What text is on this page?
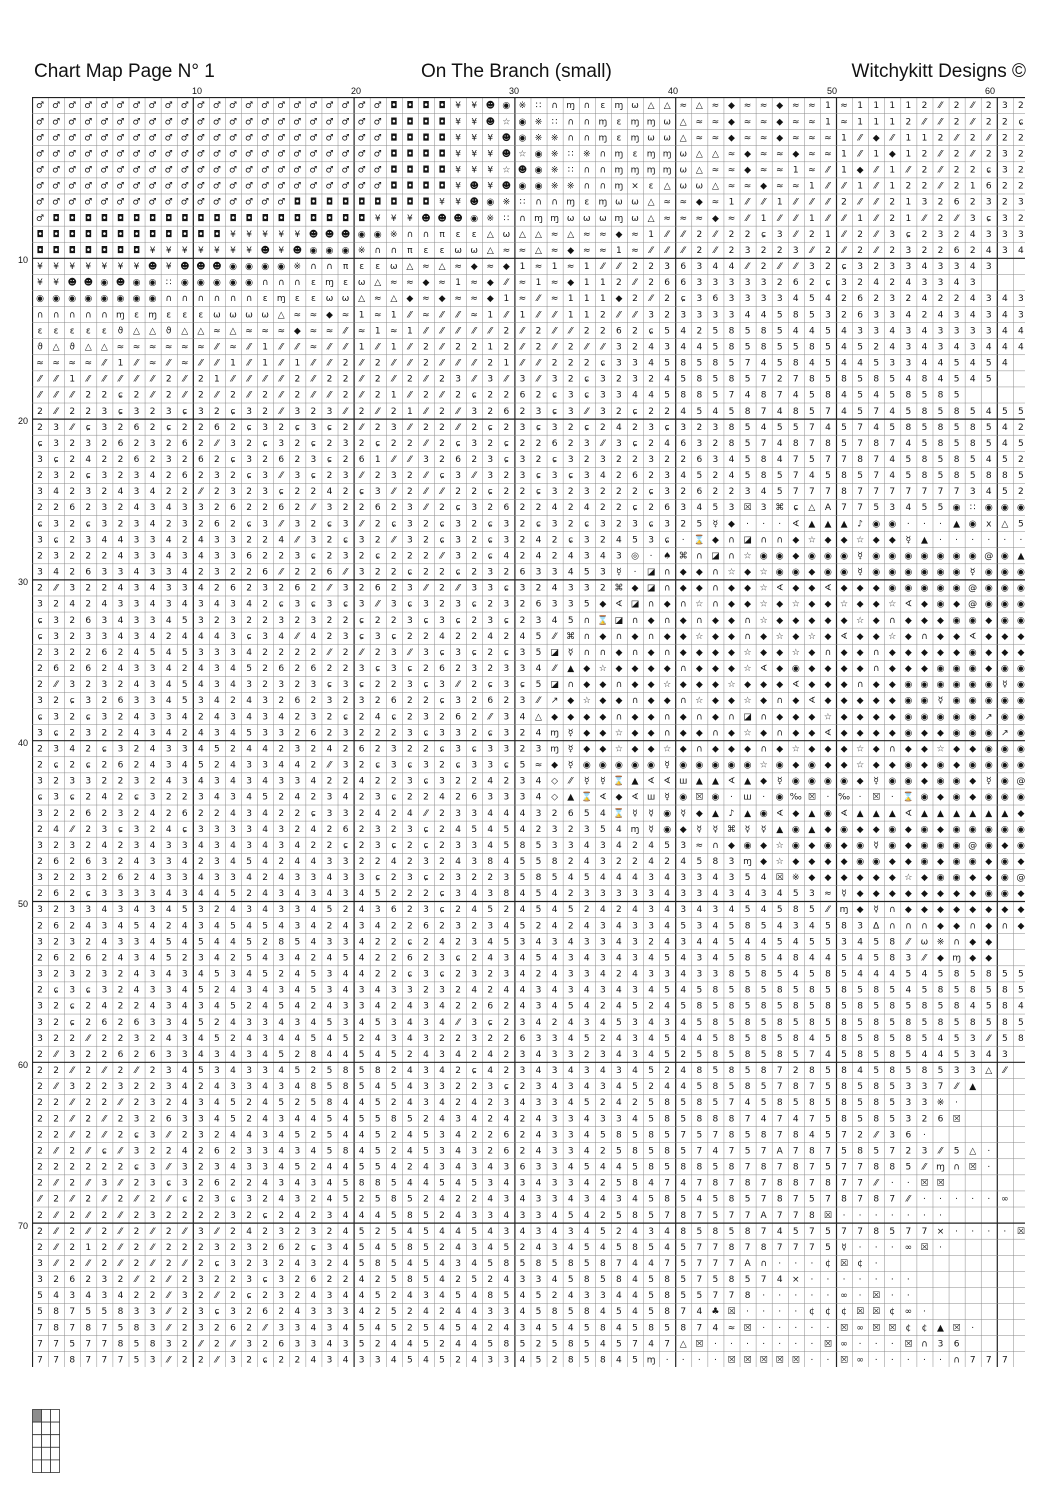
Chart Map Page N° 1	On The Branch (small)	Witchykitt Designs ©
10	20	30	40	50	60
10
20
30
40
50
60
70
♂ ♂ ♂ ♂ ♂ ♂ ♂ ♂ ♂ ♂ ♂ ♂ ♂ ♂ ♂ ♂ ♂ ♂ ♂ ♂ ♂ ♂ ◘ ◘ ◘ ◘ ¥ ¥ ☻ ◉ ※ ∷ ∩ ɱ ∩ ε ɱ ω △ △ ≈ △ ≈ ◆ ≈ ≈ ◆ ≈ ≈ 1 ≈ 1 1 1 1 2 ⁄⁄ 2 ⁄⁄ 2 3 2
♂ ♂ ♂ ♂ ♂ ♂ ♂ ♂ ♂ ♂ ♂ ♂ ♂ ♂ ♂ ♂ ♂ ♂ ♂ ♂ ♂ ♂ ◘ ◘ ◘ ◘ ¥ ¥ ☻ ☆ ◉ ※ ∷ ∩ ∩ ɱ ε ɱ ɱ ω △ ≈ ≈ ◆ ≈ ≈ ◆ ≈ ≈ 1 ≈ 1 1 1 2 ⁄⁄ ⁄⁄ 2 ⁄⁄ 2 2 ɕ
♂ ♂ ♂ ♂ ♂ ♂ ♂ ♂ ♂ ♂ ♂ ♂ ♂ ♂ ♂ ♂ ♂ ♂ ♂ ♂ ♂ ♂ ◘ ◘ ◘ ◘ ¥ ¥ ¥ ☻ ◉ ※ ※ ∩ ∩ ɱ ε ɱ ω ω △ ≈ ≈ ◆ ≈ ≈ ◆ ≈ ≈ ≈ 1 ⁄⁄ ◆ ⁄⁄ 1 1 2 ⁄⁄ 2 ⁄⁄ 2 2
♂ ♂ ♂ ♂ ♂ ♂ ♂ ♂ ♂ ♂ ♂ ♂ ♂ ♂ ♂ ♂ ♂ ♂ ♂ ♂ ♂ ♂ ◘ ◘ ◘ ◘ ¥ ¥ ¥ ☻ ☆ ◉ ※ ∷ ※ ∩ ɱ ε ɱ ɱ ω △ △ ≈ ◆ ≈ ≈ ◆ ≈ ≈ 1 ⁄⁄ 1 ◆ 1 2 ⁄⁄ 2 ⁄⁄ 2 3 2
♂ ♂ ♂ ♂ ♂ ♂ ♂ ♂ ♂ ♂ ♂ ♂ ♂ ♂ ♂ ♂ ♂ ♂ ♂ ♂ ♂ ♂ ◘ ◘ ◘ ◘ ¥ ¥ ¥ ☆ ☻ ◉ ※ ∷ ∩ ∩ ɱ ɱ ɱ ɱ ω △ ≈ ≈ ◆ ≈ ≈ 1 ≈ ⁄⁄ 1 ◆ ⁄⁄ 1 ⁄⁄ 2 ⁄⁄ 2 2 ɕ 3 2
♂ ♂ ♂ ♂ ♂ ♂ ♂ ♂ ♂ ♂ ♂ ♂ ♂ ♂ ♂ ♂ ♂ ♂ ♂ ♂ ♂ ♂ ◘ ◘ ◘ ◘ ¥ ☻ ¥ ☻ ◉ ◉ ※ ※ ∩ ∩ ɱ × ε △ ω ω △ ≈ ≈ ◆ ≈ ≈ 1 ⁄⁄ ⁄⁄ 1 ⁄⁄ 1 2 2 ⁄⁄ 2 1 6 2 2
♂ ♂ ♂ ♂ ♂ ♂ ♂ ♂ ♂ ♂ ♂ ♂ ♂ ♂ ♂ ♂ ◘ ◘ ◘ ◘ ◘ ◘ ◘ ◘ ◘ ¥ ¥ ☻ ◉ ※ ∷ ∩ ∩ ɱ ε ɱ ω ω △ ≈ ≈ ◆ ≈ 1 ⁄⁄ ⁄⁄ 1 ⁄⁄ ⁄⁄ ⁄⁄ 2 ⁄⁄ ⁄⁄ 2 1 3 2 6 2 3 2 3
♂ ◘ ◘ ◘ ◘ ◘ ◘ ◘ ◘ ◘ ◘ ◘ ◘ ◘ ◘ ◘ ◘ ◘ ◘ ◘ ◘ ¥ ¥ ¥ ☻ ☻ ☻ ◉ ※ ∷ ∩ ɱ ɱ ω ω ω ɱ ω △ ≈ ≈ ≈ ◆ ≈ ⁄⁄ 1 ⁄⁄ ⁄⁄ 1 ⁄⁄ ⁄⁄ 1 ⁄⁄ 2 1 ⁄⁄ 2 ⁄⁄ 3 ɕ 3 2
◘ ◘ ◘ ◘ ◘ ◘ ◘ ◘ ◘ ◘ ◘ ◘ ¥ ¥ ¥ ¥ ¥ ☻ ☻ ☻ ◉ ◉ ※ ∩ ∩ π ε ε △ ω △ △ ≈ △ ≈ ≈ ◆ ≈ 1 ⁄⁄ ⁄⁄ 2 ⁄⁄ 2 2 ɕ 3 ⁄⁄ 2 1 ⁄⁄ 2 ⁄⁄ 3 ɕ 2 3 2 4 3 3 3
◘ ◘ ◘ ◘ ◘ ◘ ◘ ¥ ¥ ¥ ¥ ¥ ¥ ¥ ☻ ¥ ☻ ◉ ◉ ◉ ※ ∩ ∩ π ε ε ω ω △ ≈ ≈ △ ≈ ◆ ≈ ≈ 1 ≈ ⁄⁄ ⁄⁄ ⁄⁄ 2 ⁄⁄ 2 3 2 2 3 ⁄⁄ 2 ⁄⁄ 2 ⁄⁄ 2 3 2 2 6 2 4 3 4
¥ ¥ ¥ ¥ ¥ ¥ ¥ ☻ ¥ ☻ ☻ ☻ ◉ ◉ ◉ ◉ ※ ∩ ∩ π ε ε ω △ ≈ △ ≈ ◆ ≈ ◆ 1 ≈ 1 ≈ 1 ⁄⁄ ⁄⁄ 2 2 3 6 3 4 4 ⁄⁄ 2 ⁄⁄ ⁄⁄ 3 2 ɕ 3 2 3 3 4 3 3 4 3
¥ ¥ ☻ ☻ ◉ ☻ ◉ ◉ ∷ ◉ ◉ ◉ ◉ ◉ ∩ ∩ ∩ ε ɱ ε ω △ ≈ ≈ ◆ ≈ 1 ≈ ◆ ⁄⁄ ≈ 1 ≈ ◆ 1 1 2 ⁄⁄ 2 6 6 3 3 3 3 3 2 6 2 ɕ 3 2 4 2 4 3 3 4 3
◉ ◉ ◉ ◉ ◉ ◉ ◉ ◉ ∩ ∩ ∩ ∩ ∩ ∩ ε ɱ ε ε ω ω △ ≈ △ ◆ ≈ ◆ ≈ ≈ ◆ 1 ≈ ⁄⁄ ≈ 1 1 1 ◆ 2 ⁄⁄ 2 ɕ 3 6 3 3 3 3 4 5 4 2 6 2 3 2 4 2 2 4 3 4 3
∩ ∩ ∩ ∩ ∩ ɱ ε ɱ ε ε ε ω ω ω ω △ ≈ ≈ ◆ ≈ 1 ≈ 1 ⁄⁄ ≈ ⁄⁄ ⁄⁄ ≈ 1 ⁄⁄ 1 ⁄⁄ ⁄⁄ 1 1 2 ⁄⁄ ⁄⁄ 3 2 3 3 3 3 4 4 5 8 5 3 2 6 3 3 4 2 4 3 4 3 4 3
ε ε ε ε ε ϑ △ △ ϑ △ △ ≈ △ ≈ ≈ ≈ ◆ ≈ ≈ ⁄⁄ ≈ 1 ≈ 1 ⁄⁄ ⁄⁄ ⁄⁄ ⁄⁄ ⁄⁄ 2 ⁄⁄ 2 ⁄⁄ ⁄⁄ 2 2 6 2 ɕ 5 4 2 5 8 5 8 5 4 4 5 4 3 3 4 3 4 3 3 3 3 4 4
ϑ △ ϑ △ △ ≈ ≈ ≈ ≈ ≈ ≈ ⁄⁄ ≈ ⁄⁄ 1 ⁄⁄ ⁄⁄ ≈ ⁄⁄ ⁄⁄ 1 ⁄⁄ 1 ⁄⁄ 2 ⁄⁄ 2 2 1 2 ⁄⁄ 2 ⁄⁄ 2 ⁄⁄ ⁄⁄ 3 2 4 3 4 4 5 8 5 8 5 5 8 5 4 5 2 4 3 4 3 4 3 4 4 4
≈ ≈ ≈ ≈ ⁄⁄ 1 ⁄⁄ ≈ ⁄⁄ ≈ ⁄⁄ ⁄⁄ 1 ⁄⁄ 1 ⁄⁄ 1 ⁄⁄ ⁄⁄ 2 ⁄⁄ 2 ⁄⁄ ⁄⁄ 2 ⁄⁄ ⁄⁄ ⁄⁄ 2 1 ⁄⁄ ⁄⁄ 2 2 2 ɕ 3 3 4 5 8 5 8 5 7 4 5 8 4 5 4 4 5 3 3 4 4 5 4 5 4
⁄⁄ ⁄⁄ 1 ⁄⁄ ⁄⁄ ⁄⁄ ⁄⁄ ⁄⁄ 2 ⁄⁄ 2 1 ⁄⁄ ⁄⁄ ⁄⁄ ⁄⁄ 2 ⁄⁄ 2 2 ⁄⁄ 2 ⁄⁄ 2 ⁄⁄ 2 3 ⁄⁄ 3 ⁄⁄ 3 ⁄⁄ 3 2 ɕ 3 2 3 2 4 5 8 5 8 5 7 2 7 8 5 8 5 8 5 4 8 4 5 4 5
⁄⁄ ⁄⁄ ⁄⁄ 2 2 ɕ 2 ⁄⁄ 2 ⁄⁄ 2 ⁄⁄ 2 ⁄⁄ 2 ⁄⁄ 2 ⁄⁄ ⁄⁄ 2 ⁄⁄ 2 1 ⁄⁄ 2 ⁄⁄ 2 ɕ 2 2 6 2 ɕ 3 ɕ 3 3 4 4 5 8 8 5 7 4 8 7 4 5 8 4 5 4 5 8 5 8 5
2 ⁄⁄ 2 2 3 ɕ 3 2 3 ɕ 3 2 ɕ 3 2 ⁄⁄ 3 2 3 ⁄⁄ 2 ⁄⁄ 2 1 ⁄⁄ 2 ⁄⁄ 3 2 6 2 3 ɕ 3 ⁄⁄ 3 2 ɕ 2 2 4 5 4 5 8 7 4 8 5 7 4 5 7 4 5 8 5 8 5 4 5 5
2 3 ⁄⁄ ɕ 3 2 6 2 ɕ 2 2 6 2 ɕ 3 2 ɕ 3 ɕ 2 ⁄⁄ 2 3 ⁄⁄ 2 2 ⁄⁄ 2 ɕ 2 3 ɕ 3 2 ɕ 2 4 2 3 ɕ 3 2 3 8 5 4 5 5 7 4 5 7 4 5 8 5 8 5 8 5 4 2
ɕ 3 2 3 2 6 2 3 2 6 2 ⁄⁄ 3 2 ɕ 3 2 ɕ 2 3 2 ɕ 2 2 ⁄⁄ 2 ɕ 3 2 ɕ 2 2 6 2 3 ⁄⁄ 3 ɕ 2 4 6 3 2 8 5 7 4 8 7 8 5 7 8 7 4 5 8 5 8 5 4 5
3 ɕ 2 4 2 2 6 2 3 2 6 2 ɕ 3 2 6 2 3 ɕ 2 6 1 ⁄⁄ ⁄⁄ 3 2 6 2 3 ɕ 3 2 ɕ 3 2 3 2 2 3 2 2 6 3 4 5 8 4 7 5 7 7 8 7 4 5 8 5 8 5 4 5 2
2 3 2 ɕ 3 2 3 4 2 6 2 3 2 ɕ 3 ⁄⁄ 3 ɕ 2 3 ⁄⁄ 2 3 2 ⁄⁄ ɕ 3 ⁄⁄ 3 2 3 ɕ 3 ɕ 3 4 2 6 2 3 4 5 2 4 5 8 5 7 4 5 8 5 7 4 5 8 5 8 5 8 8 5
3 4 2 3 2 4 3 4 2 2 ⁄⁄ 2 3 2 3 ɕ 2 2 4 2 ɕ 3 ⁄⁄ 2 ⁄⁄ ⁄⁄ 2 2 ɕ 2 2 ɕ 3 2 3 2 2 2 ɕ 3 2 6 2 2 3 4 5 7 7 7 8 7 7 7 7 7 7 7 3 4 5 2
2 2 6 2 3 2 4 3 4 3 3 2 6 2 2 6 2 ⁄⁄ 3 2 2 6 2 3 ⁄⁄ 2 ɕ 3 2 6 2 2 4 2 4 2 2 ɕ 2 6 3 4 5 3 ☒ 3 ⌘ ɕ △ A 7 7 5 3 4 5 5 ◉ ∷ ◉ ◉ ◉
ɕ 3 2 ɕ 3 2 3 4 2 3 2 6 2 ɕ 3 ⁄⁄ 3 2 ɕ 3 ⁄⁄ 2 ɕ 3 2 ɕ 3 2 ɕ 3 2 ɕ 3 2 ɕ 3 2 3 ɕ 3 2 5 ☿ ◆ · · · ∢ ▲ ▲ ▲ ♪ ◉ ◉ · · · ▲ ◉ x △ 5
3 ɕ 2 3 4 4 3 3 4 2 4 3 3 2 2 4 ⁄⁄ 3 2 ɕ 3 2 ⁄⁄ 3 2 ɕ 3 2 ɕ 3 2 4 2 ɕ 3 2 4 5 3 ɕ · ⌛ ◆ ∩ ◪ ∩ ∩ ◆ ☆ ◆ ◆ ☆ ◆ ◆ ☿ ▲ · · · · · ·
2 3 2 2 2 4 3 3 4 3 4 3 3 6 2 2 3 ɕ 2 3 2 ɕ 2 2 2 ⁄⁄ 3 2 ɕ 4 2 4 2 4 3 4 3 ◎ · ♠ ⌘ ∩ ◪ ∩ ☆ ◉ ◉ ◆ ◉ ◉ ◉ ☿ ◉ ◉ ◉ ◉ ◉ ◉ ◉ @ ◉ ▲
3 4 2 6 3 3 4 3 3 4 2 3 2 2 6 ⁄⁄ 2 2 6 ⁄⁄ 3 2 2 ɕ 2 2 ɕ 2 3 2 6 3 3 4 5 3 ☿ · ◪ ∩ ◆ ◆ ∩ ☆ ◆ ☆ ◉ ◉ ◆ ◉ ◉ ☿ ◉ ◉ ◉ ◉ ◉ ◉ ☿ ◉ ◉ ◉
2 ⁄⁄ 3 2 2 4 3 4 3 3 4 2 6 2 3 2 6 2 ⁄⁄ 3 2 6 2 3 ⁄⁄ 2 ⁄⁄ 3 3 ɕ 3 2 4 3 3 2 ⌘ ◆ ◪ ∩ ◆ ◆ ∩ ◆ ◆ ☆ ∢ ◆ ◆ ∢ ◆ ◆ ◆ ◉ ◉ ◉ ◉ ◉ @ ◉ ◉ ◉
3 2 4 2 4 3 3 4 3 4 3 4 3 4 2 ɕ 3 ɕ 3 ɕ 3 ⁄⁄ 3 ɕ 3 2 3 ɕ 2 3 2 6 3 3 5 ◆ ∢ ◪ ∩ ◆ ∩ ☆ ∩ ◆ ◆ ☆ ◆ ☆ ◆ ◆ ☆ ◆ ◆ ☆ ∢ ◆ ◉ ◆ @ ◉ ◉ ◉
ɕ 3 2 6 3 4 3 3 4 5 3 2 3 2 2 3 2 3 2 2 ɕ 2 2 3 ɕ 3 ɕ 2 3 ɕ 2 3 4 5 ∩ ⌛ ◪ ∩ ◆ ∩ ◆ ∩ ◆ ◆ ∩ ☆ ◆ ◆ ◆ ◆ ◆ ☆ ◆ ∩ ◆ ◆ ◆ ◉ ◉ ◆ ◉ ◉
ɕ 3 2 3 3 4 3 4 2 4 4 4 3 ɕ 3 4 ⁄⁄ 4 2 3 ɕ 3 ɕ 2 2 4 2 2 4 2 4 5 ⁄⁄ ⌘ ∩ ◆ ∩ ◆ ∩ ◆ ◆ ☆ ◆ ◆ ∩ ◆ ☆ ◆ ☆ ◆ ∢ ◆ ◆ ☆ ◆ ∩ ◆ ◆ ∢ ◆ ◆ ◆
2 3 2 2 6 2 4 5 4 5 3 3 3 4 2 2 2 2 ⁄⁄ 2 ⁄⁄ 2 3 ⁄⁄ 3 ɕ 3 ɕ 2 ɕ 3 5 ◪ ☿ ∩ ∩ ◆ ∩ ◆ ∩ ◆ ◆ ◆ ◆ ☆ ◆ ◆ ☆ ◆ ∩ ◆ ◆ ∩ ◆ ◆ ◆ ◆ ◆ ◉ ◆ ◆ ◆
2 6 2 6 2 4 3 3 4 2 4 3 4 5 2 6 2 6 2 2 3 ɕ 3 ɕ 2 6 2 3 2 3 3 4 ⁄⁄ ▲ ◆ ☆ ◆ ◆ ◆ ◆ ∩ ◆ ◆ ◆ ☆ ∢ ◆ ◉ ◆ ◆ ◆ ◆ ∩ ◆ ◆ ◆ ◉ ◉ ◉ ◆ ◉ ◉
2 ⁄⁄ 3 2 3 2 4 3 4 5 4 3 4 3 2 3 2 3 ɕ 3 ɕ 2 2 3 ɕ 3 ⁄⁄ 2 ɕ 3 ɕ 5 ◪ ∩ ◆ ◆ ∩ ◆ ◆ ☆ ◆ ◆ ◆ ☆ ◆ ◆ ◆ ∢ ◆ ◆ ◆ ∩ ◆ ◆ ◉ ◉ ◉ ◉ ◉ ◉ ☿ ◉
3 2 ɕ 3 2 6 3 3 4 5 3 4 2 4 3 2 6 2 3 2 3 2 6 2 2 ɕ 3 2 6 2 3 ⁄⁄ ↗ ◆ ☆ ◆ ◆ ∩ ◆ ◆ ∩ ☆ ◆ ◆ ☆ ◆ ∩ ◆ ∢ ◆ ◆ ◆ ◆ ◆ ◉ ◉ ☿ ◉ ◉ ◉ ◉ ◉
ɕ 3 2 ɕ 3 2 4 3 3 4 2 4 3 4 3 4 2 3 2 ɕ 2 4 ɕ 2 3 2 6 2 ⁄⁄ 3 4 △ ◆ ◆ ◆ ◆ ∩ ◆ ◆ ∩ ◆ ∩ ◆ ∩ ◪ ∩ ◆ ◆ ◆ ☆ ◆ ◆ ◆ ◆ ◉ ◉ ◉ ◉ ◉ ↗ ◉ ◉
3 ɕ 2 3 2 2 4 3 4 2 4 3 4 5 3 3 2 6 2 3 2 2 2 3 ɕ 3 3 2 ɕ 3 2 4 ɱ ☿ ◆ ◆ ☆ ◆ ◆ ∩ ◆ ◆ ∩ ◆ ☆ ◆ ∩ ◆ ◆ ∢ ◆ ◆ ◆ ◆ ◉ ◆ ◆ ◉ ◉ ◉ ↗ ◉
2 3 4 2 ɕ 3 2 4 3 3 4 5 2 4 4 2 3 2 4 2 6 2 3 2 2 ɕ 3 ɕ 3 3 2 3 ɱ ☿ ◆ ◆ ☆ ◆ ◆ ☆ ◆ ∩ ◆ ◆ ◆ ∩ ◆ ☆ ◆ ◆ ◆ ☆ ◆ ∩ ◆ ◆ ☆ ◆ ◆ ◉ ◉ ◉
2 ɕ 2 ɕ 2 6 2 4 3 4 5 2 4 3 3 4 4 2 ⁄⁄ 3 2 ɕ 3 ɕ 3 2 ɕ 3 3 ɕ 5 ≈ ◆ ☿ ◉ ◉ ◉ ◉ ◉ ☿ ◉ ◉ ◉ ◉ ◉ ☆ ◉ ◆ ◉ ◆ ◆ ☆ ◆ ◆ ◉ ◆ ◉ ◆ ◉ ◉ ◉ ◉
3 2 3 3 2 2 3 2 4 3 4 3 4 3 4 3 3 4 2 2 4 2 2 3 ɕ 3 2 2 4 2 3 4 ◇ ⁄⁄ ☿ ☿ ⌛ ▲ ∢ ∢ ш ▲ ▲ ∢ ▲ ◆ ☿ ◉ ◉ ◉ ◉ ◆ ☿ ◉ ◉ ◆ ◉ ◉ ◆ ☿ ◉ @
ɕ 3 ɕ 2 4 2 ɕ 3 2 2 3 4 3 4 5 2 4 2 3 4 2 3 ɕ 2 2 4 2 6 3 3 3 4 ◇ ▲ ⌛ ∢ ◆ ∢ ш ☿ ◉ ☒ ◉ · ш · ◉ ‰ ☒ · ‰ · ☒ · ⌛ ◉ ◆ ◉ ◆ ◉ ◉ ◉
3 2 2 6 2 3 2 4 2 6 2 2 4 3 4 2 2 ɕ 3 3 2 4 2 4 ⁄⁄ 2 3 3 4 4 4 3 2 6 5 4 ⌛ ☿ ☿ ◉ ☿ ◆ ▲ ♪ ▲ ◉ ∢ ◆ ▲ ◉ ∢ ▲ ▲ ▲ ∢ ▲ ▲ ▲ ▲ ▲ ▲ ◆
2 4 ⁄⁄ 2 3 ɕ 3 2 4 ɕ 3 3 3 3 4 3 2 4 2 6 2 3 2 3 ɕ 2 4 5 4 5 4 2 3 2 3 5 4 ɱ ☿ ◉ ◆ ☿ ☿ ⌘ ☿ ☿ ▲ ◉ ▲ ◆ ◉ ◆ ◆ ◉ ◆ ◉ ◆ ◉ ◉ ◉ ◉ ◉
3 2 3 2 4 2 3 4 3 3 4 3 4 3 4 3 4 2 2 ɕ 2 3 ɕ 2 ɕ 2 3 3 4 5 8 5 3 3 4 3 4 2 4 5 3 ≈ ∩ ◆ ◉ ◆ ☆ ◉ ◆ ◉ ◆ ◉ ☿ ◉ ◆ ◉ ◉ ◉ @ ◉ ◆ ◉
2 6 2 6 3 2 4 3 3 4 2 3 4 5 4 2 4 4 3 3 2 2 4 2 3 2 4 3 8 4 5 5 8 2 4 3 2 2 4 2 4 5 8 3 ɱ ◆ ☆ ◆ ◆ ◆ ◆ ◉ ◉ ◆ ◆ ◉ ◆ ◉ ◉ ◆ ◉ ◆
3 2 2 3 2 6 2 4 3 3 4 3 3 4 2 4 3 3 4 3 3 ɕ 2 3 ɕ 2 3 2 2 3 5 8 5 4 5 4 4 4 3 4 3 3 4 3 5 4 ☒ ※ ◆ ◆ ◆ ◆ ◆ ◆ ☆ ◆ ◉ ◉ ◆ ◆ ◉ @
2 6 2 ɕ 3 3 3 3 4 3 4 4 5 2 4 3 4 3 4 3 4 5 2 2 2 ɕ 3 4 3 8 4 5 4 2 3 3 3 3 3 4 3 3 4 3 4 3 4 5 3 ≈ ☿ ◆ ◆ ◆ ◆ ◆ ◆ ◆ ◆ ◉ ◉ ◆
3 2 3 3 4 3 4 3 4 5 3 2 4 3 4 3 3 4 5 2 4 3 6 2 3 ɕ 2 4 5 2 4 5 4 5 2 4 2 4 3 4 3 4 3 4 5 4 5 8 5 ⁄⁄ ɱ ◆ ☿ ∩ ◆ ◆ ◆ ◆ ◆ ◆ ◆ ◆
2 6 2 4 3 4 5 4 2 4 3 4 5 4 5 4 3 4 2 4 3 4 2 2 6 2 3 2 3 4 5 2 4 2 4 3 4 3 3 4 5 3 4 5 8 5 4 3 4 5 8 3 ∆ ∩ ∩ ∩ ◆ ◆ ∩ ◆ ∩ ◆
3 2 3 2 4 3 3 4 5 4 5 4 4 5 2 8 5 4 3 3 4 2 2 ɕ 2 4 2 3 4 5 3 4 3 4 3 3 4 3 2 4 3 4 4 5 4 4 5 4 5 5 3 4 5 8 ⁄⁄ ω ※ ∩ ◆ ◆
2 6 2 6 2 4 3 4 5 2 3 4 2 5 4 3 4 2 4 5 4 2 2 6 2 3 ɕ 2 4 3 4 5 4 3 4 3 4 3 4 5 4 3 4 5 8 5 4 8 4 4 5 4 5 8 3 ⁄⁄ ◆ ɱ ◆ ◆
3 2 3 2 3 2 4 3 4 3 4 5 3 4 5 2 4 5 3 4 4 2 2 ɕ 3 ɕ 2 3 2 3 4 2 4 3 3 4 2 4 3 3 4 3 3 8 5 8 5 4 5 8 5 4 4 4 5 4 5 8 5 8 5 5
2 ɕ 3 ɕ 3 2 4 3 3 4 5 2 4 3 4 3 4 5 3 4 3 4 3 3 2 3 2 4 2 4 4 3 4 3 4 3 4 3 4 5 4 5 8 5 8 5 8 5 8 5 8 5 8 5 4 5 8 5 8 5 8 5
3 2 ɕ 2 4 2 2 4 3 4 3 4 5 2 4 5 4 2 4 3 3 4 2 4 3 4 2 2 6 2 4 3 4 5 4 2 4 5 2 4 5 8 5 8 5 8 5 8 5 8 5 8 5 8 5 8 5 8 4 5 8 4
3 2 ɕ 2 6 2 6 3 3 4 5 2 4 3 3 4 3 4 5 3 4 5 3 4 3 4 ⁄⁄ 3 ɕ 2 3 4 2 4 3 4 5 3 4 3 4 5 8 5 8 5 8 5 8 5 8 5 8 5 8 5 8 5 8 5 8 5
3 2 2 ⁄⁄ 2 2 3 2 4 3 4 5 2 4 3 4 4 5 4 5 2 4 3 4 3 2 2 3 2 2 6 3 3 4 5 2 4 3 4 5 4 4 5 8 5 8 5 8 4 5 8 5 8 5 8 5 4 5 3 ⁄⁄ 5 8
2 ⁄⁄ 3 2 2 6 2 6 3 3 4 3 4 3 4 5 2 8 4 4 5 4 5 2 4 3 4 2 4 2 3 4 3 3 2 3 4 3 4 5 2 5 8 5 8 5 8 5 7 4 5 8 5 8 5 4 4 5 3 4 3
2 2 ⁄⁄ 2 ⁄⁄ 2 ⁄⁄ 2 3 4 5 3 4 3 3 4 5 2 5 8 5 8 2 4 3 4 2 ɕ 4 2 3 4 3 4 3 4 3 4 5 2 4 8 5 8 5 8 7 2 8 5 8 4 5 8 5 8 5 3 3 △ ⁄⁄
2 ⁄⁄ 3 2 2 3 2 2 3 4 2 4 3 3 4 3 4 8 5 8 5 4 5 4 3 3 2 2 3 ɕ 2 3 4 3 4 3 4 5 2 4 4 5 8 5 8 5 7 8 7 5 8 5 8 5 3 3 7 ⁄⁄ ▲
2 2 ⁄⁄ 2 2 ⁄⁄ 2 3 2 4 3 4 5 2 4 5 2 5 8 4 4 5 2 4 3 4 2 4 2 3 4 3 3 4 5 2 4 2 5 8 5 8 5 7 4 5 8 5 8 5 8 5 8 5 3 3 ※ ·
2 2 ⁄⁄ 2 ⁄⁄ 2 3 2 6 3 3 4 5 2 4 3 4 4 5 4 5 5 8 5 2 4 3 4 2 4 2 4 3 3 4 3 3 4 5 8 5 8 8 8 7 4 7 4 7 5 8 5 8 5 3 2 6 ☒
2 2 ⁄⁄ 2 ⁄⁄ 2 ɕ 3 ⁄⁄ 2 3 2 4 4 3 4 5 2 5 4 4 5 2 4 5 3 4 2 2 6 2 4 3 3 4 5 8 5 8 5 7 5 7 8 5 8 7 8 4 5 7 2 ⁄⁄ 3 6 ·
2 ⁄⁄ 2 ⁄⁄ ɕ ⁄⁄ 3 2 2 4 2 6 2 3 3 4 3 4 5 8 4 5 2 4 5 3 4 3 2 6 2 4 3 3 4 2 5 8 5 8 5 7 4 7 5 7 A 7 8 7 5 8 5 7 2 3 ⁄⁄ 5 △ ·
2 2 2 2 2 2 ɕ 3 ⁄⁄ 3 2 3 4 3 3 4 5 2 4 4 5 5 4 2 4 3 4 3 4 3 6 3 3 4 5 4 4 5 8 5 8 8 5 8 7 8 7 8 7 5 7 7 8 8 5 ⁄⁄ ɱ ∩ ☒ ·
2 ⁄⁄ 2 ⁄⁄ 3 ⁄⁄ 2 3 ɕ 3 2 6 2 2 4 3 4 3 4 5 8 8 5 4 4 5 4 5 3 4 3 4 3 3 4 2 5 8 4 7 4 7 8 7 8 7 8 8 7 8 7 7 ⁄⁄ · · ☒ ☒
⁄⁄ 2 ⁄⁄ 2 ⁄⁄ 2 ⁄⁄ 2 ⁄⁄ ɕ 2 3 ɕ 3 2 4 3 2 4 5 2 5 8 5 2 4 2 2 4 3 4 3 3 4 3 4 3 4 5 8 5 4 5 8 5 7 8 7 5 7 8 7 8 7 ⁄⁄ · · · · · ∞
2 ⁄⁄ 2 ⁄⁄ 2 ⁄⁄ 2 3 2 2 2 2 3 2 ɕ 2 4 2 3 4 4 4 5 8 5 2 4 3 3 4 3 3 4 5 4 2 5 8 5 7 8 7 5 7 7 A 7 7 8 ☒ · · · · · · ·
2 ⁄⁄ 2 ⁄⁄ 2 ⁄⁄ 2 ⁄⁄ 2 ⁄⁄ 3 ⁄⁄ 2 4 2 3 2 3 2 4 5 2 5 4 5 4 4 5 4 3 4 3 4 3 4 5 2 4 3 4 8 5 8 5 8 7 4 5 7 5 7 7 8 5 7 7 × · · · · ☒
2 ⁄⁄ 2 1 2 ⁄⁄ 2 ⁄⁄ 2 2 2 3 2 3 2 6 2 ɕ 3 4 5 4 5 8 5 2 4 3 4 5 2 4 3 4 5 4 5 8 5 4 5 7 7 8 7 8 7 7 7 5 ☿ · · · ∞ ☒ ·
3 ⁄⁄ 2 ⁄⁄ 2 ⁄⁄ 2 ⁄⁄ 2 ⁄⁄ 2 ɕ 3 2 3 2 4 3 2 4 5 8 5 4 5 4 3 4 5 8 5 8 5 8 5 8 7 4 4 7 5 7 7 7 A ∩ · · · ¢ ☒ ¢ ·
3 2 6 2 3 2 ⁄⁄ 2 ⁄⁄ 2 3 2 2 3 ɕ 3 2 6 2 2 4 2 5 8 5 4 2 5 2 4 3 3 4 5 8 5 8 4 5 8 5 7 5 8 5 7 4 × · · · · · · ·
5 4 3 4 3 4 2 2 ⁄⁄ 3 2 ⁄⁄ 2 ɕ 2 3 2 4 3 4 4 5 2 4 3 4 5 4 8 5 4 5 2 4 3 3 4 4 5 8 5 5 7 7 8 · · · · · ∞ · ☒ · ·
5 8 7 5 5 8 3 3 ⁄⁄ 2 3 ɕ 3 2 6 2 4 3 3 3 4 2 5 2 4 2 4 4 3 3 4 5 8 5 8 4 5 4 5 8 7 4 ♣ ☒ · · · · ¢ ¢ ¢ ☒ ☒ ¢ ∞ ·
7 8 7 8 7 5 8 3 ⁄⁄ 2 3 2 6 2 ⁄⁄ 3 3 4 3 4 5 4 5 2 5 4 5 4 2 4 3 4 5 4 5 8 4 5 8 5 8 7 4 ≈ ☒ · · · · · ☒ ∞ ☒ ☒ ¢ ¢ ▲ ☒ ·
7 7 5 7 7 8 5 8 3 2 ⁄⁄ 2 ⁄⁄ 3 2 6 3 3 4 3 5 2 4 4 5 2 4 4 5 8 5 2 5 8 5 4 5 7 4 7 △ ☒ · · · · · · · ☒ ∞ · · · ☒ ∩ 3 6
7 7 8 7 7 7 5 3 ⁄⁄ 2 2 ⁄⁄ 3 2 ɕ 2 2 4 3 4 3 3 4 5 4 5 2 4 3 3 4 5 2 8 5 8 4 5 ɱ · · · · ☒ ☒ ☒ ☒ ☒ · · ☒ ∞ · · · · · ∩ 7 7 7
